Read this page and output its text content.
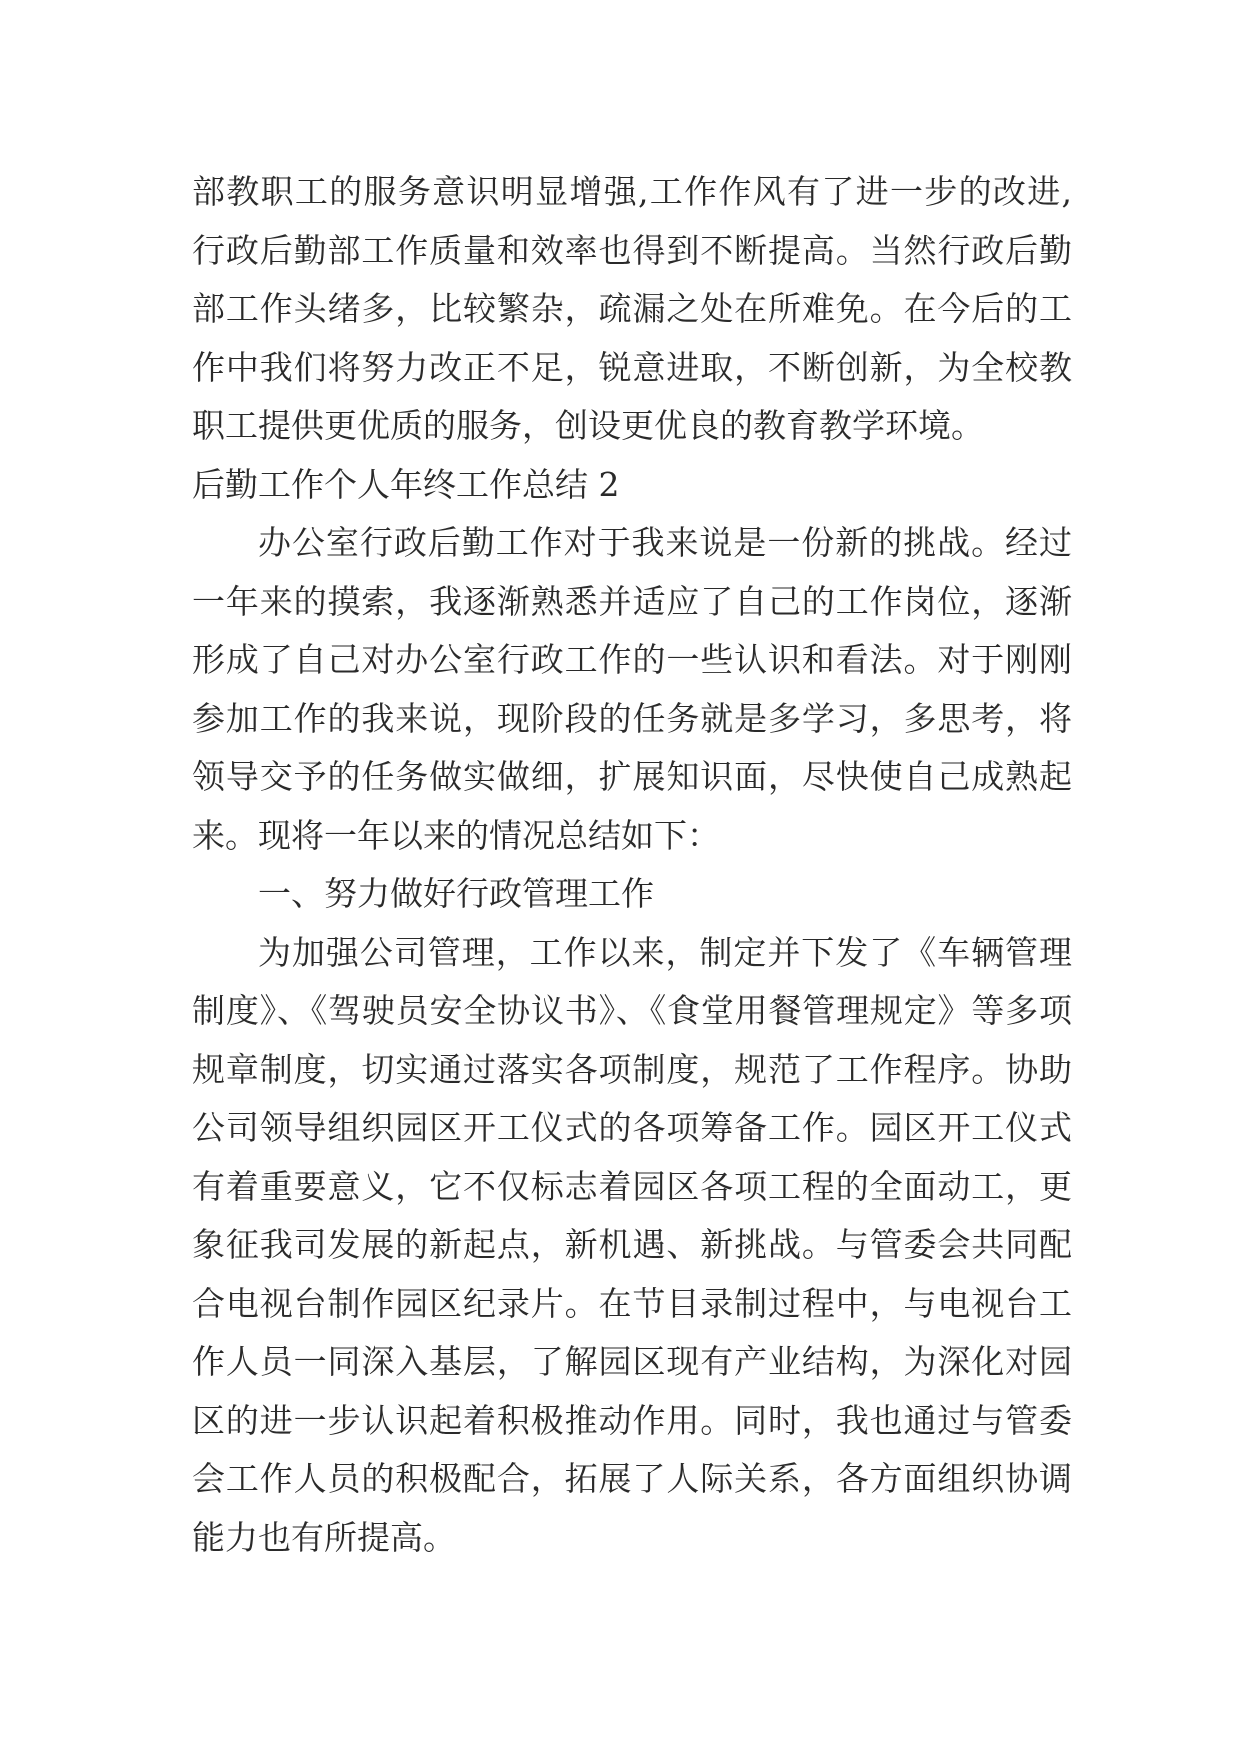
部教职工的服务意识明显增强,工作作风有了进一步的改进,
行政后勤部工作质量和效率也得到不断提高。当然行政后勤
部工作头绪多，比较繁杂，疏漏之处在所难免。在今后的工
作中我们将努力改正不足，锐意进取，不断创新，为全校教
职工提供更优质的服务，创设更优良的教育教学环境。
后勤工作个人年终工作总结 2
办公室行政后勤工作对于我来说是一份新的挑战。经过
一年来的摸索，我逐渐熟悉并适应了自己的工作岗位，逐渐
形成了自己对办公室行政工作的一些认识和看法。对于刚刚
参加工作的我来说，现阶段的任务就是多学习，多思考，将
领导交予的任务做实做细，扩展知识面，尽快使自己成熟起
来。现将一年以来的情况总结如下：
一、努力做好行政管理工作
为加强公司管理，工作以来，制定并下发了《车辆管理
制度》、《驾驶员安全协议书》、《食堂用餐管理规定》等多项
规章制度，切实通过落实各项制度，规范了工作程序。协助
公司领导组织园区开工仪式的各项筹备工作。园区开工仪式
有着重要意义，它不仅标志着园区各项工程的全面动工，更
象征我司发展的新起点，新机遇、新挑战。与管委会共同配
合电视台制作园区纪录片。在节目录制过程中，与电视台工
作人员一同深入基层，了解园区现有产业结构，为深化对园
区的进一步认识起着积极推动作用。同时，我也通过与管委
会工作人员的积极配合，拓展了人际关系，各方面组织协调
能力也有所提高。
